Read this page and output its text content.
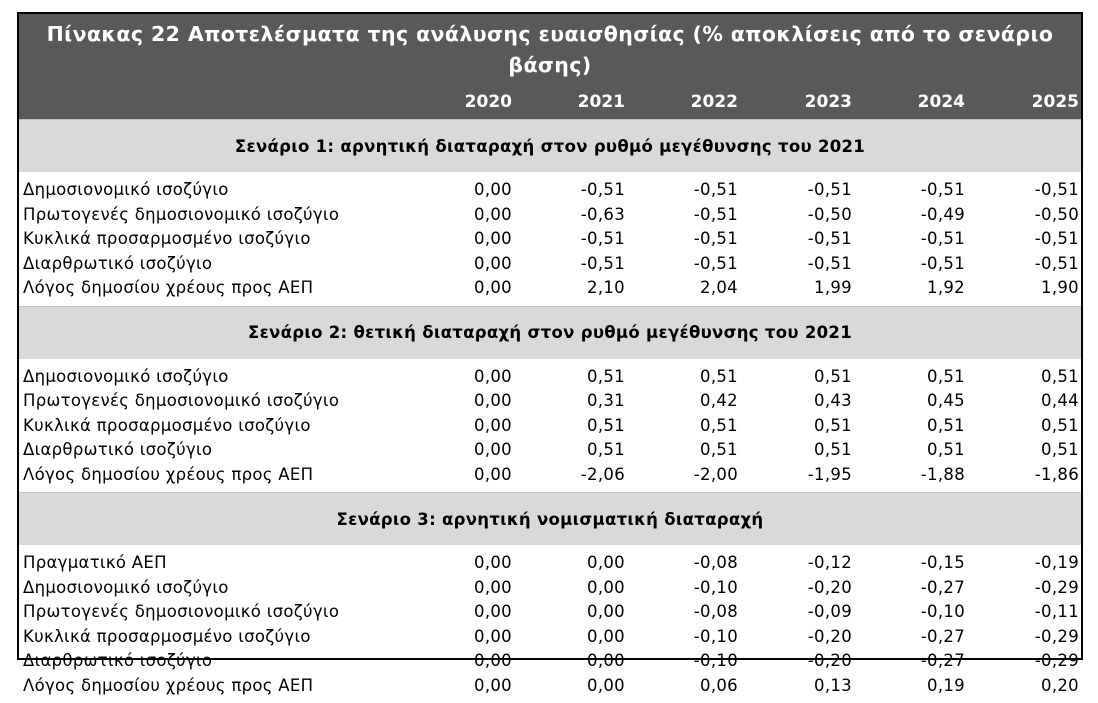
Πίνακας 22 Αποτελέσματα της ανάλυσης ευαισθησίας (% αποκλίσεις από το σενάριο βάσης)
2020	2021	2022	2023	2024	2025
Σενάριο 1: αρνητική διαταραχή στον ρυθμό μεγέθυνσης του 2021
Δημοσιονομικό ισοζύγιο	0,00	-0,51	-0,51	-0,51	-0,51	-0,51
Πρωτογενές δημοσιονομικό ισοζύγιο	0,00	-0,63	-0,51	-0,50	-0,49	-0,50
Κυκλικά προσαρμοσμένο ισοζύγιο	0,00	-0,51	-0,51	-0,51	-0,51	-0,51
Διαρθρωτικό ισοζύγιο	0,00	-0,51	-0,51	-0,51	-0,51	-0,51
Λόγος δημοσίου χρέους προς ΑΕΠ	0,00	2,10	2,04	1,99	1,92	1,90
Σενάριο 2: θετική διαταραχή στον ρυθμό μεγέθυνσης του 2021
Δημοσιονομικό ισοζύγιο	0,00	0,51	0,51	0,51	0,51	0,51
Πρωτογενές δημοσιονομικό ισοζύγιο	0,00	0,31	0,42	0,43	0,45	0,44
Κυκλικά προσαρμοσμένο ισοζύγιο	0,00	0,51	0,51	0,51	0,51	0,51
Διαρθρωτικό ισοζύγιο	0,00	0,51	0,51	0,51	0,51	0,51
Λόγος δημοσίου χρέους προς ΑΕΠ	0,00	-2,06	-2,00	-1,95	-1,88	-1,86
Σενάριο 3: αρνητική νομισματική διαταραχή
Πραγματικό ΑΕΠ	0,00	0,00	-0,08	-0,12	-0,15	-0,19
Δημοσιονομικό ισοζύγιο	0,00	0,00	-0,10	-0,20	-0,27	-0,29
Πρωτογενές δημοσιονομικό ισοζύγιο	0,00	0,00	-0,08	-0,09	-0,10	-0,11
Κυκλικά προσαρμοσμένο ισοζύγιο	0,00	0,00	-0,10	-0,20	-0,27	-0,29
Διαρθρωτικό ισοζύγιο	0,00	0,00	-0,10	-0,20	-0,27	-0,29
Λόγος δημοσίου χρέους προς ΑΕΠ	0,00	0,00	0,06	0,13	0,19	0,20
